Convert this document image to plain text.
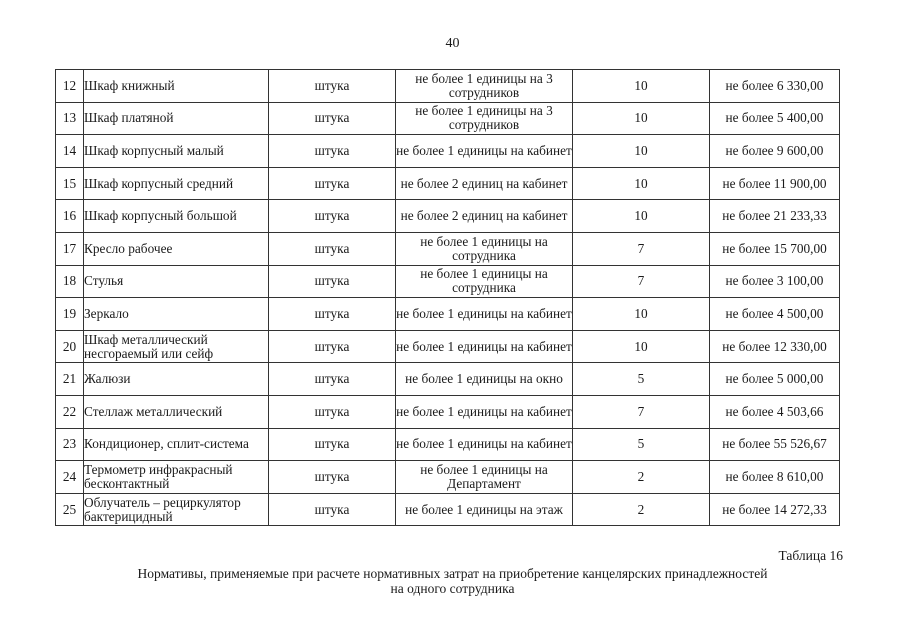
40
12	Шкаф книжный	штука	не более 1 единицы на 3 сотрудников	10	не более 6 330,00
13	Шкаф платяной	штука	не более 1 единицы на 3 сотрудников	10	не более 5 400,00
14	Шкаф корпусный малый	штука	не более 1 единицы на кабинет	10	не более 9 600,00
15	Шкаф корпусный средний	штука	не более 2 единиц на кабинет	10	не более 11 900,00
16	Шкаф корпусный большой	штука	не более 2 единиц на кабинет	10	не более 21 233,33
17	Кресло рабочее	штука	не более 1 единицы на сотрудника	7	не более 15 700,00
18	Стулья	штука	не более 1 единицы на сотрудника	7	не более 3 100,00
19	Зеркало	штука	не более 1 единицы на кабинет	10	не более 4 500,00
20	Шкаф металлический несгораемый или сейф	штука	не более 1 единицы на кабинет	10	не более 12 330,00
21	Жалюзи	штука	не более 1 единицы на окно	5	не более 5 000,00
22	Стеллаж металлический	штука	не более 1 единицы на кабинет	7	не более 4 503,66
23	Кондиционер, сплит-система	штука	не более 1 единицы на кабинет	5	не более 55 526,67
24	Термометр инфракрасный бесконтактный	штука	не более 1 единицы на Департамент	2	не более 8 610,00
25	Облучатель – рециркулятор бактерицидный	штука	не более 1 единицы на этаж	2	не более 14 272,33
Таблица 16
Нормативы, применяемые при расчете нормативных затрат на приобретение канцелярских принадлежностей
на одного сотрудника
